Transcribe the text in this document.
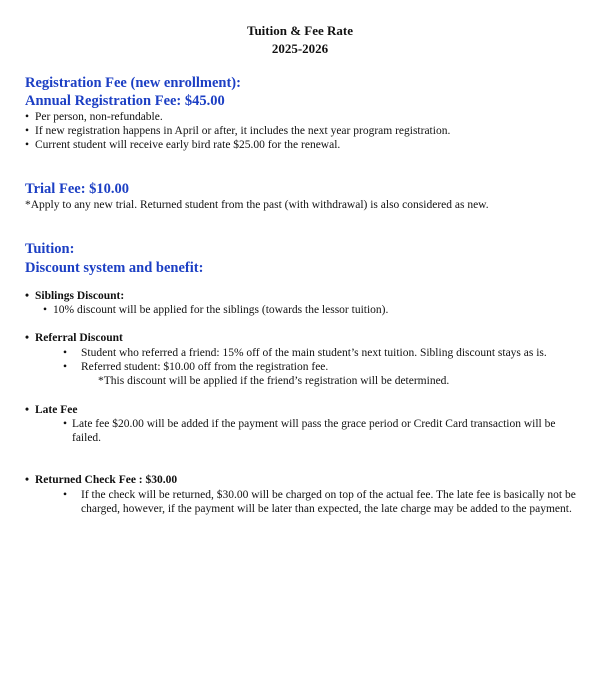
Tuition & Fee Rate
2025-2026
Registration Fee (new enrollment):
Annual Registration Fee: $45.00
• Per person, non-refundable.
• If new registration happens in April or after, it includes the next year program registration.
• Current student will receive early bird rate $25.00 for the renewal.
Trial Fee: $10.00
*Apply to any new trial. Returned student from the past (with withdrawal) is also considered as new.
Tuition:
Discount system and benefit:
• Siblings Discount:
• 10% discount will be applied for the siblings (towards the lessor tuition).
• Referral Discount
• Student who referred a friend: 15% off of the main student’s next tuition. Sibling discount stays as is.
• Referred student: $10.00 off from the registration fee.
*This discount will be applied if the friend’s registration will be determined.
• Late Fee
• Late fee $20.00 will be added if the payment will pass the grace period or Credit Card transaction will be failed.
• Returned Check Fee : $30.00
• If the check will be returned, $30.00 will be charged on top of the actual fee. The late fee is basically not be charged, however, if the payment will be later than expected, the late charge may be added to the payment.
